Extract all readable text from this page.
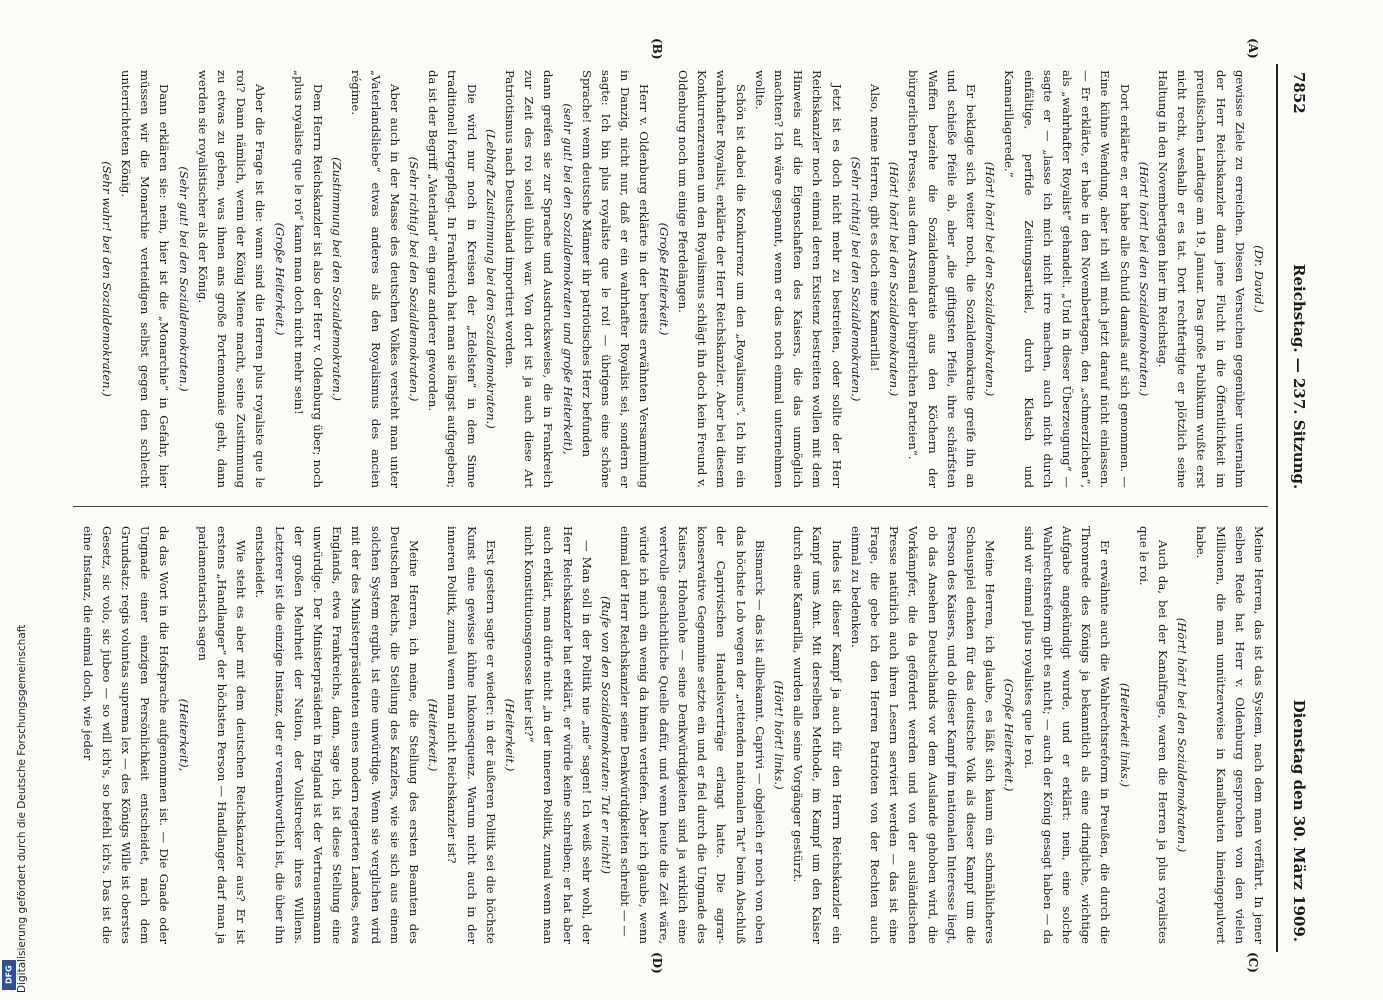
Digitalisierung gefördert durch die Deutsche Forschungsgemeinschaft
DFG
7852
Reichstag. — 237. Sitzung.
Dienstag den 30. März 1909.
(A)
(B)
(C)
(D)

(Dr. David.)

gewisse Ziele zu erreichen. Diesen Versuchen gegenüber unternahm der Herr Reichskanzler dann jene Flucht in die Öffentlichkeit im preußischen Landtage am 19. Januar. Das große Publikum wußte erst nicht recht, weshalb er es tat. Dort rechtfertigte er plötzlich seine Haltung in den Novembertagen hier im Reichstag.

(Hört! hört! bei den Sozialdemokraten.)

Dort erklärte er, er habe alle Schuld damals auf sich genommen. — Eine kühne Wendung, aber ich will mich jetzt darauf nicht einlassen. — Er erklärte, er habe in den Novembertagen, den „schmerzlichen“, als „wahrhafter Royalist“ gehandelt. „Und in dieser Überzeugung“ — sagte er — „lasse ich mich nicht irre machen, auch nicht durch einfältige, perfide Zeitungsartikel, durch Klatsch und Kamarillagerede.“

(Hört! hört! bei den Sozialdemokraten.)

Er beklagte sich weiter noch, die Sozialdemokratie greife ihn an und schieße Pfeile ab, aber „die giftigsten Pfeile, ihre schärfsten Waffen beziehe die Sozialdemokratie aus den Köchern der bürgerlichen Presse, aus dem Arsenal der bürgerlichen Parteien“.

(Hört! hört! bei den Sozialdemokraten.)

Also, meine Herren, gibt es doch eine Kamarilla!

(Sehr richtig! bei den Sozialdemokraten.)

Jetzt ist es doch nicht mehr zu bestreiten, oder sollte der Herr Reichskanzler noch einmal deren Existenz bestreiten wollen mit dem Hinweis auf die Eigenschaften des Kaisers, die das unmöglich machten? Ich wäre gespannt, wenn er das noch einmal unternehmen wollte.

Schön ist dabei die Konkurrenz um den „Royalismus“. Ich bin ein wahrhafter Royalist, erklärte der Herr Reichskanzler. Aber bei diesem Konkurrenzrennen um den Royalismus schlägt ihn doch kein Freund v. Oldenburg noch um einige Pferdelängen.

(Große Heiterkeit.)

Herr v. Oldenburg erklärte in der bereits erwähnten Versammlung in Danzig, nicht nur, daß er ein wahrhafter Royalist sei, sondern er sagte: Ich bin plus royaliste que le roi! — übrigens eine schöne Sprache! wenn deutsche Männer ihr patriotisches Herz befunden

(sehr gut! bei den Sozialdemokraten und große Heiterkeit),

dann greifen sie zur Sprache und Ausdrucksweise, die in Frankreich zur Zeit des roi soleil üblich war. Von dort ist ja auch diese Art Patriotismus nach Deutschland importiert worden.

(Lebhafte Zustimmung bei den Sozialdemokraten.)

Die wird nur noch in Kreisen der „Edelsten“ in dem Sinne traditionell fortgepflegt. In Frankreich hat man sie längst aufgegeben; da ist der Begriff „Vaterland“ ein ganz anderer geworden.

(Sehr richtig! bei den Sozialdemokraten.)

Aber auch in der Masse des deutschen Volkes versteht man unter „Vaterlandsliebe“ etwas anderes als den Royalismus des ancien régime.

(Zustimmung bei den Sozialdemokraten.)

Dem Herrn Reichskanzler ist also der Herr v. Oldenburg über; noch „plus royaliste que le roi“ kann man doch nicht mehr sein!

(Große Heiterkeit.)

Aber die Frage ist die: wann sind die Herren plus royaliste que le roi? Dann nämlich, wenn der König Miene macht, seine Zustimmung zu etwas zu geben, was ihnen ans große Portemonnaie geht, dann werden sie royalistischer als der König.

(Sehr gut! bei den Sozialdemokraten.)

Dann erklären sie: nein, hier ist die „Monarchie“ in Gefahr, hier müssen wir die Monarchie verteidigen selbst gegen den schlecht unterrichteten König.

(Sehr wahr! bei den Sozialdemokraten.)

Meine Herren, das ist das System, nach dem man verfährt. In jener selben Rede hat Herr v. Oldenburg gesprochen von den vielen Millionen, die man unnützerweise in Kanalbauten hineingepulvert habe.

(Hört! hört! bei den Sozialdemokraten.)

Auch da, bei der Kanalfrage, waren die Herren ja plus royalistes que le roi.

(Heiterkeit links.)

Er erwähnte auch die Wahlrechtsreform in Preußen, die durch die Thronrede des Königs ja bekanntlich als eine dringliche, wichtige Aufgabe angekündigt wurde, und er erklärt: nein, eine solche Wahlrechtsreform gibt es nicht; — auch der König gesagt haben — da sind wir einmal plus royalistes que le roi.

(Große Heiterkeit.)

Meine Herren, ich glaube, es läßt sich kaum ein schmählicheres Schauspiel denken für das deutsche Volk als dieser Kampf um die Person des Kaisers, und ob dieser Kampf im nationalen Interesse liegt, ob das Ansehen Deutschlands vor dem Auslande gehoben wird, die Vorkämpfer, die da gefördert werden und von der ausländischen Presse natürlich auch ihren Lesern serviert werden — das ist eine Frage, die gebe ich den Herren Patrioten von der Rechten auch einmal zu bedenken.

Indes ist dieser Kampf ja auch für den Herrn Reichskanzler ein Kampf ums Amt. Mit derselben Methode, im Kampf um den Kaiser durch eine Kamarilla, wurden alle seine Vorgänger gestürzt.

(Hört! hört! links.)

Bismarck — das ist allbekannt. Caprivi — obgleich er noch von oben das höchste Lob wegen der „rettenden nationalen Tat“ beim Abschluß der Caprivischen Handelsverträge erlangt hatte. Die agrar-konservative Gegenmine setzte ein und er fiel durch die Ungnade des Kaisers. Hohenlohe — seine Denkwürdigkeiten sind ja wirklich eine wertvolle geschichtliche Quelle dafür, und wenn heute die Zeit wäre, würde ich mich ein wenig da hinein vertiefen. Aber ich glaube, wenn einmal der Herr Reichskanzler seine Denkwürdigkeiten schreibt — —

(Rufe von den Sozialdemokraten: Tut er nicht!)

— Man soll in der Politik nie „nie“ sagen! Ich weiß sehr wohl, der Herr Reichskanzler hat erklärt, er würde keine schreiben; er hat aber auch erklärt, man dürfe nicht „in der inneren Politik, zumal wenn man nicht Konstitutionsgenosse hier ist?“

(Heiterkeit.)

Erst gestern sagte er wieder: in der äußeren Politik sei die höchste Kunst eine gewisse kühne Inkonsequenz. Warum nicht auch in der inneren Politik, zumal wenn man nicht Reichskanzler ist?

(Heiterkeit.)

Meine Herren, ich meine, die Stellung des ersten Beamten des Deutschen Reichs, die Stellung des Kanzlers, wie sie sich aus einem solchen System ergibt, ist eine unwürdige. Wenn sie verglichen wird mit der des Ministerpräsidenten eines modern regierten Landes, etwa Englands, etwa Frankreichs, dann, sage ich, ist diese Stellung eine unwürdige. Der Ministerpräsident in England ist der Vertrauensmann der großen Mehrheit der Nation, der Vollstrecker ihres Willens. Letzterer ist die einzige Instanz, der er verantwortlich ist, die über ihn entscheidet.

Wie steht es aber mit dem deutschen Reichskanzler aus? Er ist erstens „Handlanger“ der höchsten Person — Handlanger darf man ja parlamentarisch sagen

(Heiterkeit),

da das Wort in die Hofsprache aufgenommen ist. — Die Gnade oder Ungnade einer einzigen Persönlichkeit entscheidet, nach dem Grundsatz: regis voluntas suprema lex — des Königs Wille ist oberstes Gesetz, sic volo, sic jubeo — so will ich's, so befehl ich's. Das ist die eine Instanz, die einmal doch, wie jeder
